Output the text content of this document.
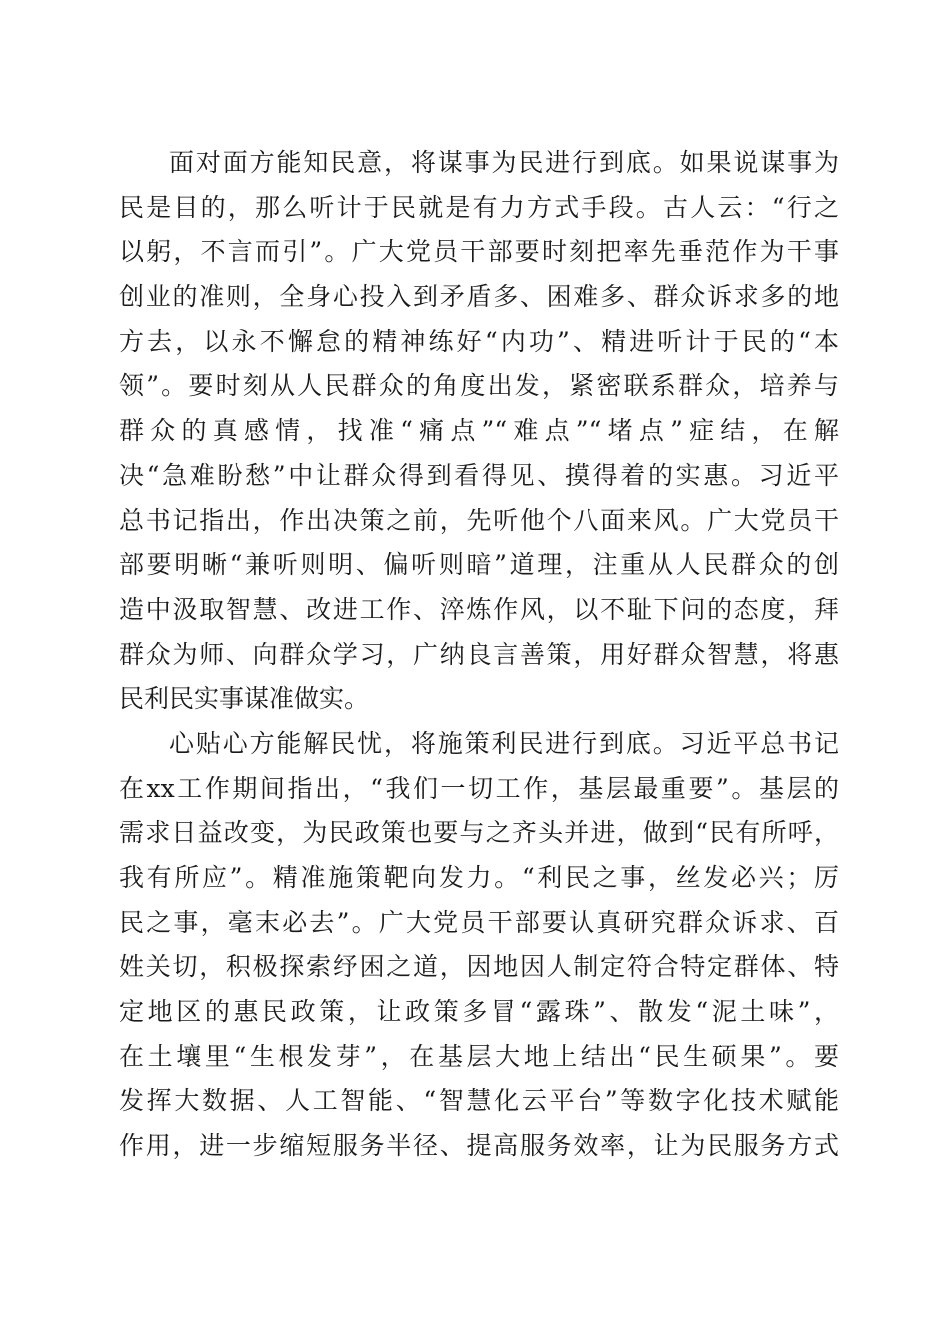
面对面方能知民意，将谋事为民进行到底。如果说谋事为
民是目的，那么听计于民就是有力方式手段。古人云：“行之
以躬，不言而引”。广大党员干部要时刻把率先垂范作为干事
创业的准则，全身心投入到矛盾多、困难多、群众诉求多的地
方去，以永不懈怠的精神练好“内功”、精进听计于民的“本
领”。要时刻从人民群众的角度出发，紧密联系群众，培养与
群众的真感情，找准“痛点”“难点”“堵点”症结，在解
决“急难盼愁”中让群众得到看得见、摸得着的实惠。习近平
总书记指出，作出决策之前，先听他个八面来风。广大党员干
部要明晰“兼听则明、偏听则暗”道理，注重从人民群众的创
造中汲取智慧、改进工作、淬炼作风，以不耻下问的态度，拜
群众为师、向群众学习，广纳良言善策，用好群众智慧，将惠
民利民实事谋准做实。
心贴心方能解民忧，将施策利民进行到底。习近平总书记
在xx工作期间指出，“我们一切工作，基层最重要”。基层的
需求日益改变，为民政策也要与之齐头并进，做到“民有所呼，
我有所应”。精准施策靶向发力。“利民之事，丝发必兴；厉
民之事，毫末必去”。广大党员干部要认真研究群众诉求、百
姓关切，积极探索纾困之道，因地因人制定符合特定群体、特
定地区的惠民政策，让政策多冒“露珠”、散发“泥土味”，
在土壤里“生根发芽”，在基层大地上结出“民生硕果”。要
发挥大数据、人工智能、“智慧化云平台”等数字化技术赋能
作用，进一步缩短服务半径、提高服务效率，让为民服务方式
